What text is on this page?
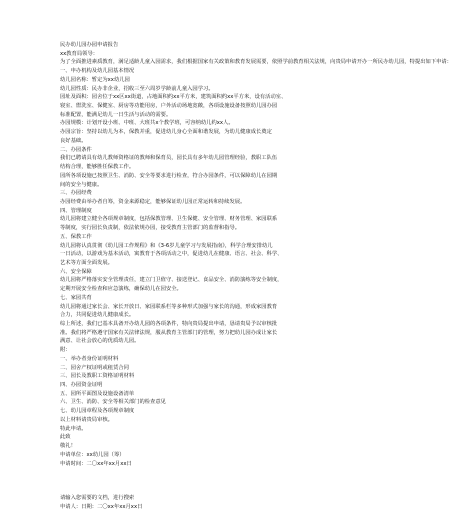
民办幼儿园办园申请报告
xx教育局领导：
为了全面推进素质教育，满足适龄儿童入园需求，我们根据国家有关政策和教育发展需要，依照学前教育相关法规，向贵局申请开办一所民办幼儿园，特提出如下申请：
一、申办机构及幼儿园基本情况
幼儿园名称：暂定为xx幼儿园
幼儿园性质：民办非企业，招收三至六周岁学龄前儿童入园学习。
园址及面积：园舍位于xx区xx街道，占地面积约xx平方米，建筑面积约xx平方米，设有活动室、
寝室、盥洗室、保健室、厨房等功能用房，户外活动场地宽敞，各项设施设备按照幼儿园办园
标准配置，能满足幼儿一日生活与活动的需要。
办园规模：计划开设小班、中班、大班共x个教学班，可容纳幼儿约xx人。
办园宗旨：坚持以幼儿为本，保教并重，促进幼儿身心全面和谐发展，为幼儿健康成长奠定
良好基础。
二、办园条件
我们已聘请具有幼儿教师资格证的教师和保育员，园长具有多年幼儿园管理经验，教职工队伍
结构合理，能够胜任保教工作。
园所各项设施已按照卫生、消防、安全等要求进行检查，符合办园条件，可以保障幼儿在园期
间的安全与健康。
三、办园经费
办园经费由举办者自筹，资金来源稳定，能够保证幼儿园正常运转和持续发展。
四、管理制度
幼儿园将建立健全各项规章制度，包括保教管理、卫生保健、安全管理、财务管理、家园联系
等制度，实行园长负责制，依法依规办园，接受教育主管部门的监督和指导。
五、保教工作
幼儿园将认真贯彻《幼儿园工作规程》和《3-6岁儿童学习与发展指南》，科学合理安排幼儿
一日活动，以游戏为基本活动，寓教育于各项活动之中，促进幼儿在健康、语言、社会、科学、
艺术等方面全面发展。
六、安全保障
幼儿园将严格落实安全管理责任，建立门卫值守、接送登记、食品安全、消防演练等安全制度，
定期开展安全检查和应急演练，确保幼儿在园安全。
七、家园共育
幼儿园将通过家长会、家长开放日、家园联系栏等多种形式加强与家长的沟通，形成家园教育
合力，共同促进幼儿健康成长。
综上所述，我们已基本具备开办幼儿园的各项条件，特向贵局提出申请，恳请贵局予以审核批
准。我们将严格遵守国家有关法律法规，服从教育主管部门的管理，努力把幼儿园办成让家长
满意、让社会放心的优质幼儿园。
附：
一、举办者身份证明材料
二、园舍产权证明或租赁合同
三、园长及教职工资格证明材料
四、办园资金证明
五、园所平面图及设施设备清单
六、卫生、消防、安全等相关部门的检查意见
七、幼儿园章程及各项规章制度
以上材料请贵局审核。
特此申请。
此致
敬礼！
申请单位：xx幼儿园（筹）
申请时间：二〇xx年xx月xx日
请输入您需要的文档，进行搜索
申请人：日期：二〇xx年xx月xx日
